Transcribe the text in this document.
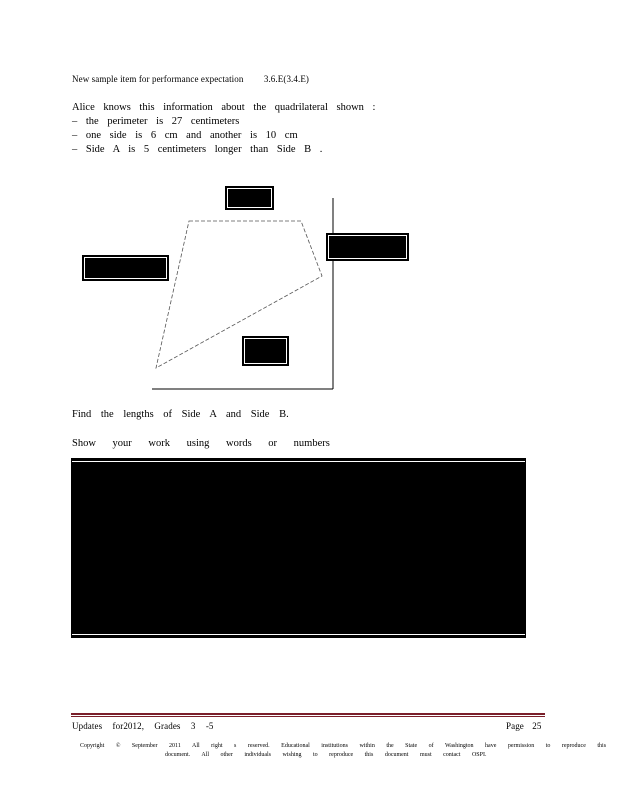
New sample item for performance expectation 3.6.E(3.4.E)
Alice knows this information about the quadrilateral shown :
– the perimeter is 27 centimeters
– one side is 6 cm and another is 10 cm
– Side A is 5 centimeters longer than Side B .
Find the lengths of Side A and Side B.
Show your work using words or numbers
Updates for2012, Grades 3 -5	Page 25
Copyright © September 2011 All right s reserved. Educational institutions within the State of Washington have permission to reproduce this
document. All other individuals wishing to reproduce this document must contact OSPI.
